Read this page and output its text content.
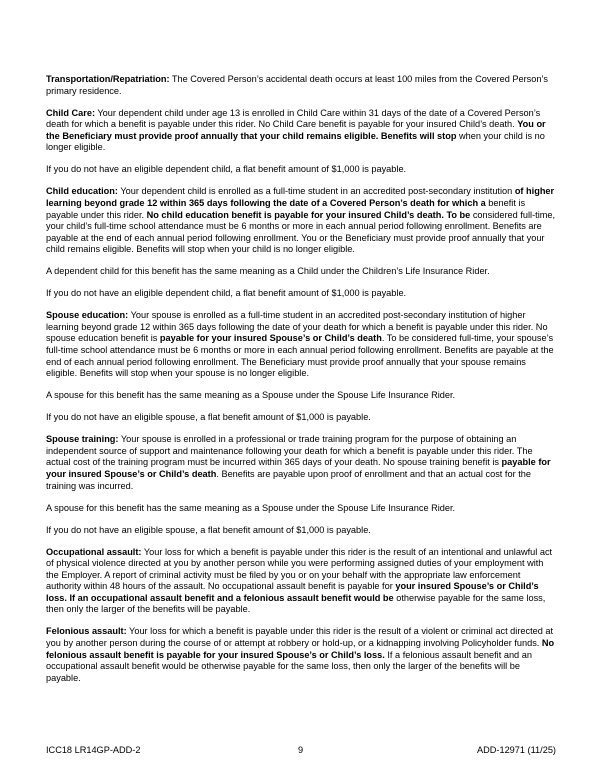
Transportation/Repatriation: The Covered Person’s accidental death occurs at least 100 miles from the Covered Person’s primary residence.

Child Care: Your dependent child under age 13 is enrolled in Child Care within 31 days of the date of a Covered Person’s death for which a benefit is payable under this rider. No Child Care benefit is payable for your insured Child’s death. You or the Beneficiary must provide proof annually that your child remains eligible. Benefits will stop when your child is no longer eligible.

If you do not have an eligible dependent child, a flat benefit amount of $1,000 is payable.

Child education: Your dependent child is enrolled as a full-time student in an accredited post-secondary institution of higher learning beyond grade 12 within 365 days following the date of a Covered Person’s death for which a benefit is payable under this rider. No child education benefit is payable for your insured Child’s death. To be considered full-time, your child’s full-time school attendance must be 6 months or more in each annual period following enrollment. Benefits are payable at the end of each annual period following enrollment. You or the Beneficiary must provide proof annually that your child remains eligible. Benefits will stop when your child is no longer eligible.

A dependent child for this benefit has the same meaning as a Child under the Children’s Life Insurance Rider.

If you do not have an eligible dependent child, a flat benefit amount of $1,000 is payable.

Spouse education: Your spouse is enrolled as a full-time student in an accredited post-secondary institution of higher learning beyond grade 12 within 365 days following the date of your death for which a benefit is payable under this rider. No spouse education benefit is payable for your insured Spouse’s or Child’s death. To be considered full-time, your spouse’s full-time school attendance must be 6 months or more in each annual period following enrollment. Benefits are payable at the end of each annual period following enrollment. The Beneficiary must provide proof annually that your spouse remains eligible. Benefits will stop when your spouse is no longer eligible.

A spouse for this benefit has the same meaning as a Spouse under the Spouse Life Insurance Rider.

If you do not have an eligible spouse, a flat benefit amount of $1,000 is payable.

Spouse training: Your spouse is enrolled in a professional or trade training program for the purpose of obtaining an independent source of support and maintenance following your death for which a benefit is payable under this rider. The actual cost of the training program must be incurred within 365 days of your death. No spouse training benefit is payable for your insured Spouse’s or Child’s death. Benefits are payable upon proof of enrollment and that an actual cost for the training was incurred.

A spouse for this benefit has the same meaning as a Spouse under the Spouse Life Insurance Rider.

If you do not have an eligible spouse, a flat benefit amount of $1,000 is payable.

Occupational assault: Your loss for which a benefit is payable under this rider is the result of an intentional and unlawful act of physical violence directed at you by another person while you were performing assigned duties of your employment with the Employer. A report of criminal activity must be filed by you or on your behalf with the appropriate law enforcement authority within 48 hours of the assault. No occupational assault benefit is payable for your insured Spouse’s or Child’s loss. If an occupational assault benefit and a felonious assault benefit would be otherwise payable for the same loss, then only the larger of the benefits will be payable.

Felonious assault: Your loss for which a benefit is payable under this rider is the result of a violent or criminal act directed at you by another person during the course of or attempt at robbery or hold-up, or a kidnapping involving Policyholder funds. No felonious assault benefit is payable for your insured Spouse’s or Child’s loss. If a felonious assault benefit and an occupational assault benefit would be otherwise payable for the same loss, then only the larger of the benefits will be payable.

ICC18 LR14GP-ADD-2	9	ADD-12971 (11/25)
